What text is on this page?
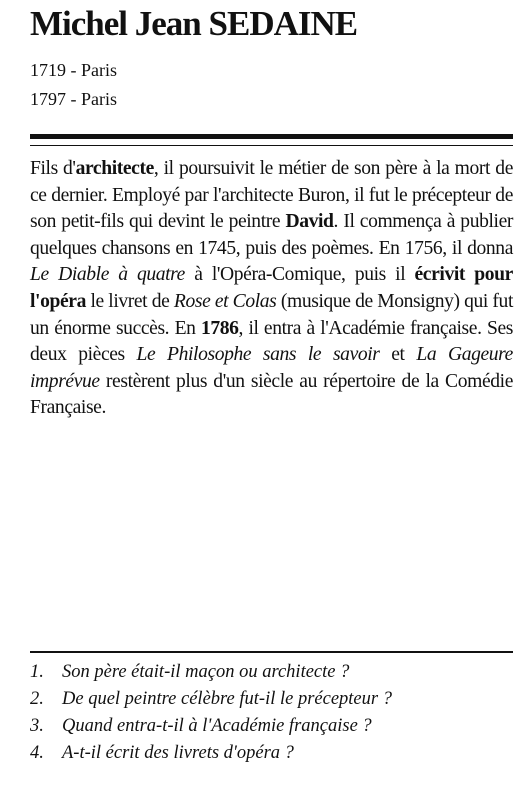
Michel Jean SEDAINE
1719 - Paris
1797 - Paris

Fils d'architecte, il poursuivit le métier de son père à la mort de ce dernier. Employé par l'architecte Buron, il fut le précepteur de son petit-fils qui devint le peintre David. Il commença à publier quelques chansons en 1745, puis des poèmes. En 1756, il donna Le Diable à quatre à l'Opéra-Comique, puis il écrivit pour l'opéra le livret de Rose et Colas (musique de Monsigny) qui fut un énorme succès. En 1786, il entra à l'Académie française. Ses deux pièces Le Philosophe sans le savoir et La Gageure imprévue restèrent plus d'un siècle au répertoire de la Comédie Française.

1. Son père était-il maçon ou architecte ?
2. De quel peintre célèbre fut-il le précepteur ?
3. Quand entra-t-il à l'Académie française ?
4. A-t-il écrit des livrets d'opéra ?
